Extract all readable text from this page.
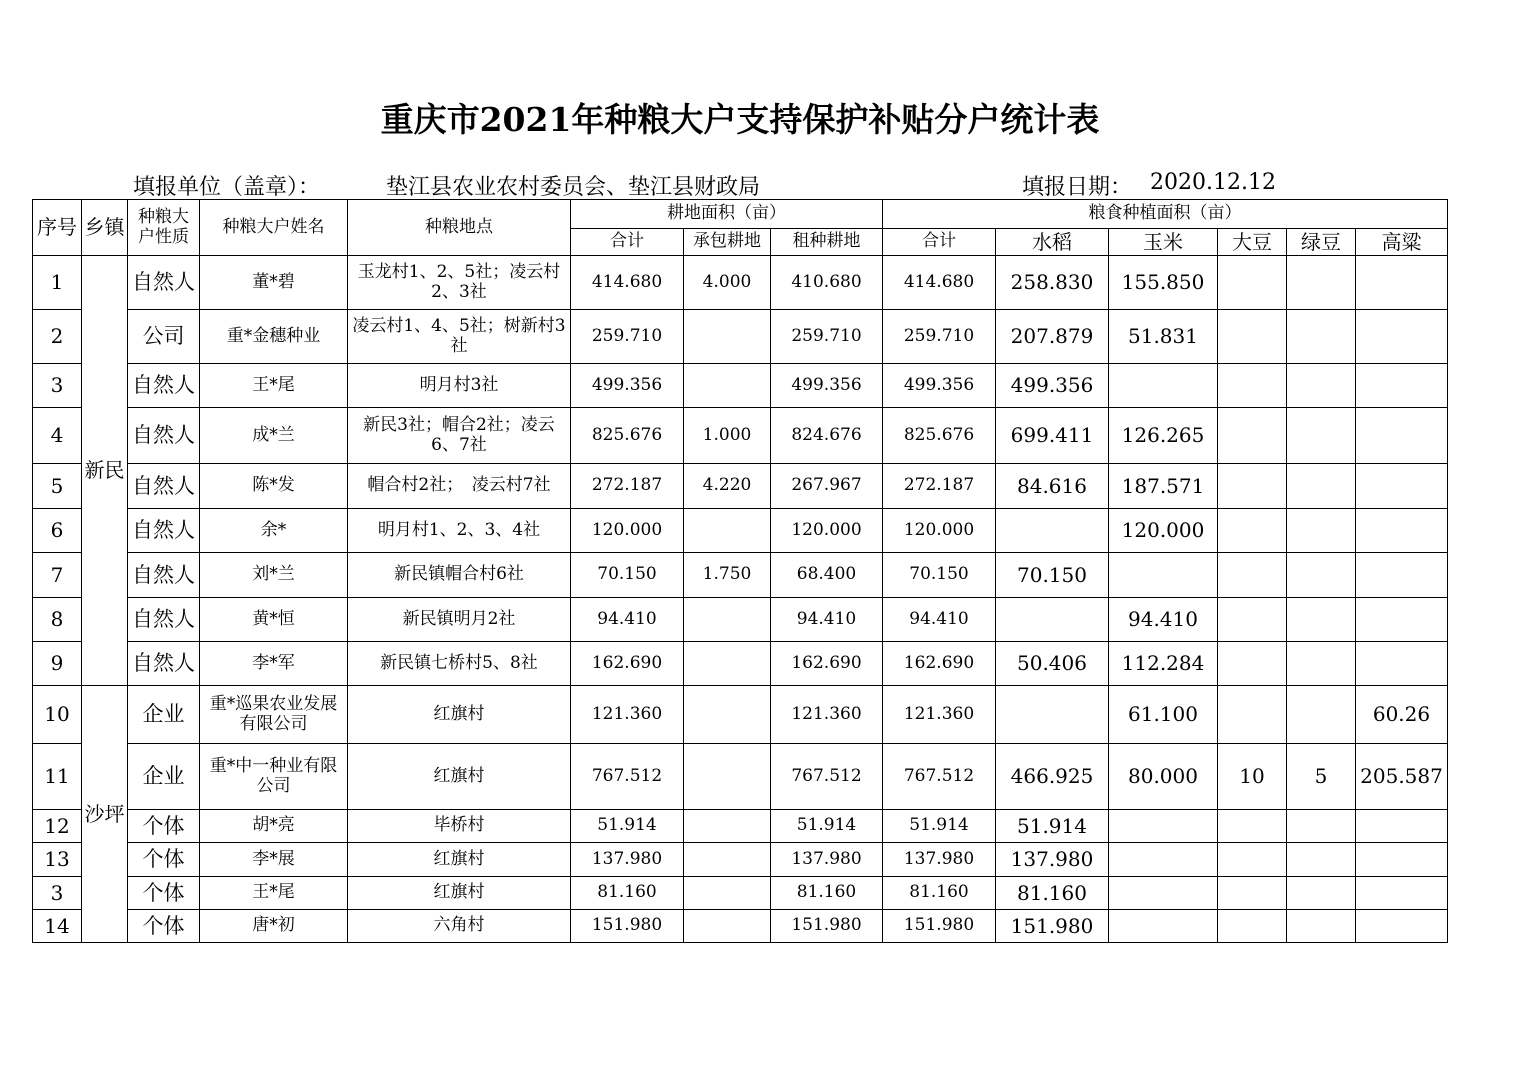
重庆市2021年种粮大户支持保护补贴分户统计表
填报单位（盖章）：	垫江县农业农村委员会、垫江县财政局	填报日期： 2020.12.12
序号	乡镇	种粮大户性质	种粮大户姓名	种粮地点	耕地面积（亩）			粮食种植面积（亩）					
					合计	承包耕地	租种耕地	合计	水稻	玉米	大豆	绿豆	高粱
1	新民	自然人	董*碧	玉龙村1、2、5社；凌云村2、3社	414.680	4.000	410.680	414.680	258.830	155.850			
2		公司	重*金穗种业	凌云村1、4、5社；树新村3社	259.710		259.710	259.710	207.879	51.831			
3		自然人	王*尾	明月村3社	499.356		499.356	499.356	499.356				
4		自然人	成*兰	新民3社；帽合2社；凌云6、7社	825.676	1.000	824.676	825.676	699.411	126.265			
5		自然人	陈*发	帽合村2社；　凌云村7社	272.187	4.220	267.967	272.187	84.616	187.571			
6		自然人	余*	明月村1、2、3、4社	120.000		120.000	120.000		120.000			
7		自然人	刘*兰	新民镇帽合村6社	70.150	1.750	68.400	70.150	70.150				
8		自然人	黄*恒	新民镇明月2社	94.410		94.410	94.410		94.410			
9		自然人	李*军	新民镇七桥村5、8社	162.690		162.690	162.690	50.406	112.284			
10	沙坪	企业	重*巡果农业发展有限公司	红旗村	121.360		121.360	121.360		61.100			60.26
11		企业	重*中一种业有限公司	红旗村	767.512		767.512	767.512	466.925	80.000	10	5	205.587
12		个体	胡*亮	毕桥村	51.914		51.914	51.914	51.914				
13		个体	李*展	红旗村	137.980		137.980	137.980	137.980				
3		个体	王*尾	红旗村	81.160		81.160	81.160	81.160				
14		个体	唐*初	六角村	151.980		151.980	151.980	151.980				
